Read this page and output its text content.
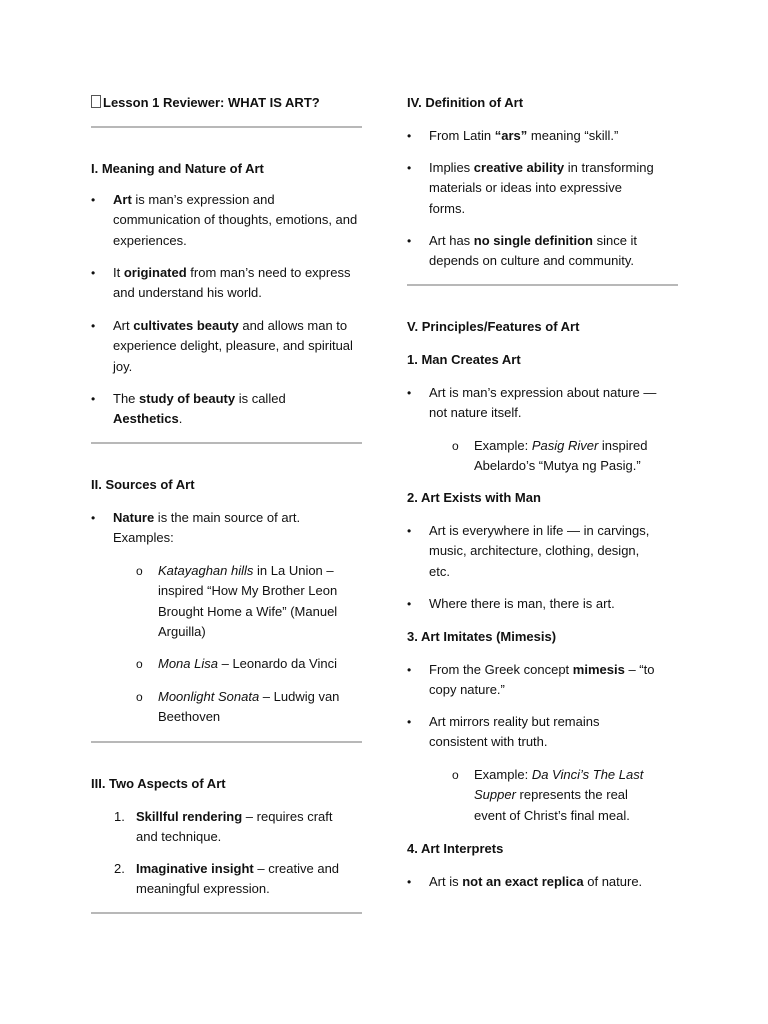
Lesson 1 Reviewer: WHAT IS ART?
I. Meaning and Nature of Art
• Art is man’s expression and communication of thoughts, emotions, and experiences.
• It originated from man’s need to express and understand his world.
• Art cultivates beauty and allows man to experience delight, pleasure, and spiritual joy.
• The study of beauty is called Aesthetics.
II. Sources of Art
• Nature is the main source of art. Examples:
o Katayaghan hills in La Union – inspired “How My Brother Leon Brought Home a Wife” (Manuel Arguilla)
o Mona Lisa – Leonardo da Vinci
o Moonlight Sonata – Ludwig van Beethoven
III. Two Aspects of Art
1. Skillful rendering – requires craft and technique.
2. Imaginative insight – creative and meaningful expression.
IV. Definition of Art
• From Latin “ars” meaning “skill.”
• Implies creative ability in transforming materials or ideas into expressive forms.
• Art has no single definition since it depends on culture and community.
V. Principles/Features of Art
1. Man Creates Art
• Art is man’s expression about nature — not nature itself.
o Example: Pasig River inspired Abelardo’s “Mutya ng Pasig.”
2. Art Exists with Man
• Art is everywhere in life — in carvings, music, architecture, clothing, design, etc.
• Where there is man, there is art.
3. Art Imitates (Mimesis)
• From the Greek concept mimesis – “to copy nature.”
• Art mirrors reality but remains consistent with truth.
o Example: Da Vinci’s The Last Supper represents the real event of Christ’s final meal.
4. Art Interprets
• Art is not an exact replica of nature.
